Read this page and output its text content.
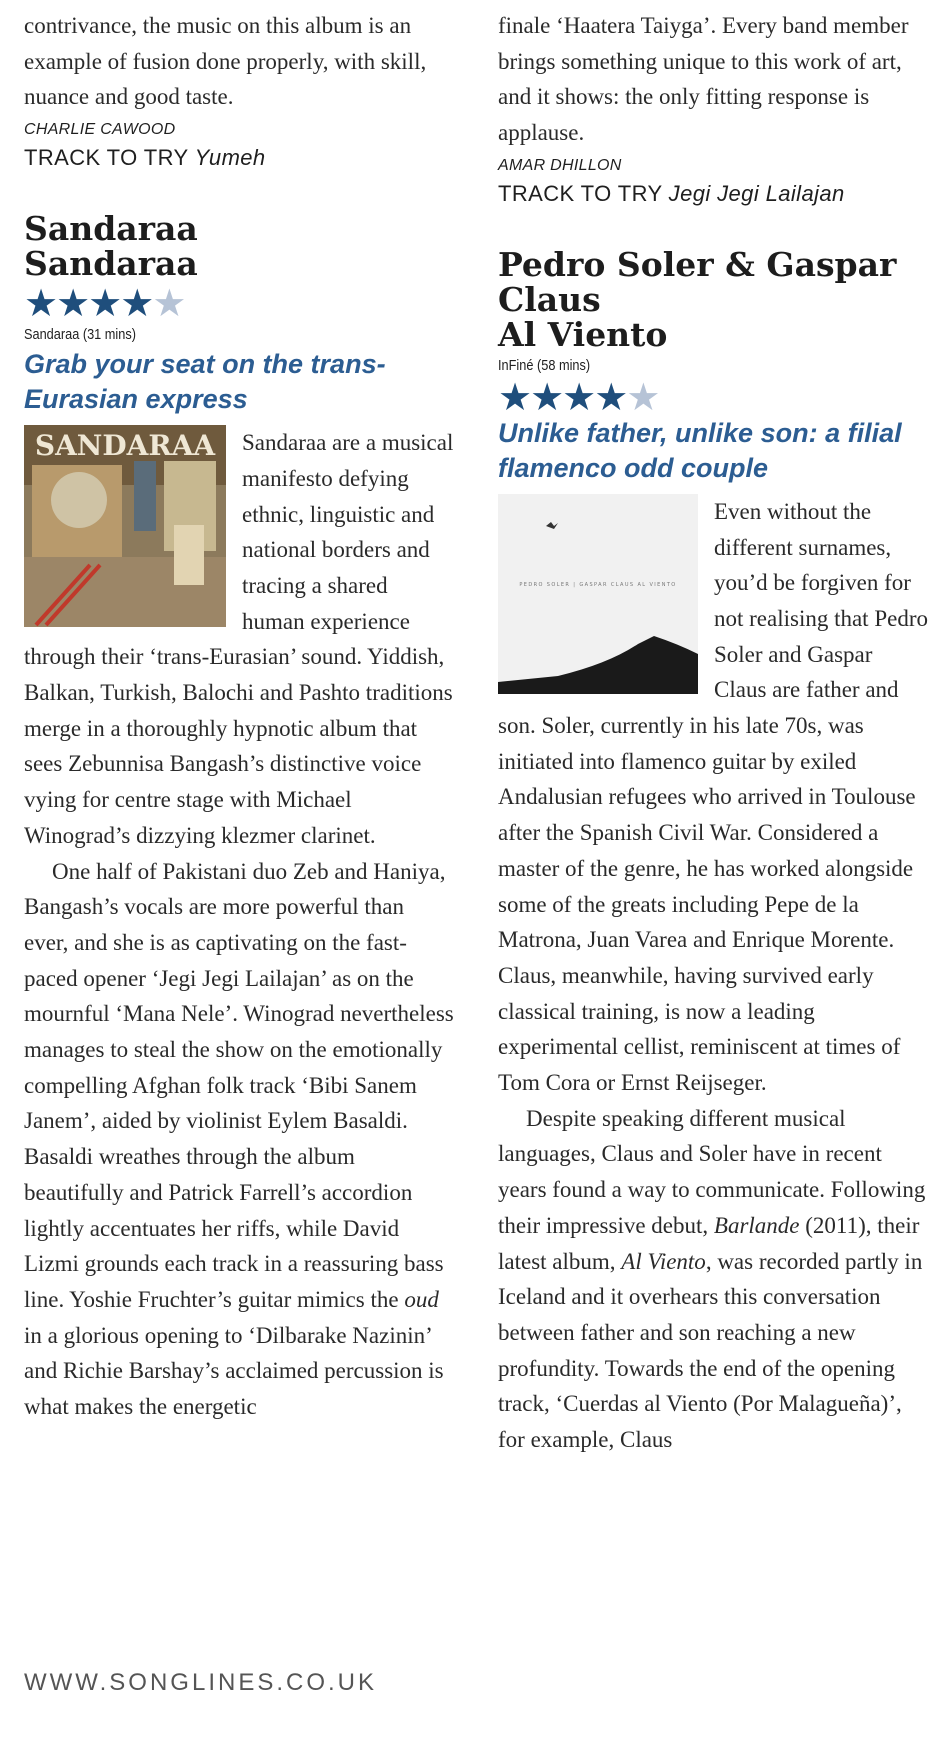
contrivance, the music on this album is an example of fusion done properly, with skill, nuance and good taste.

CHARLIE CAWOOD

TRACK TO TRY Yumeh

Sandaraa
Sandaraa
★★★★★
Sandaraa (31 mins)
Grab your seat on the trans-Eurasian express
SANDARAA	Sandaraa are a musical manifesto defying ethnic, linguistic and national borders and tracing a shared human experience through their ‘trans-Eurasian’ sound. Yiddish, Balkan, Turkish, Balochi and Pashto traditions merge in a thoroughly hypnotic album that sees Zebunnisa Bangash’s distinctive voice vying for centre stage with Michael Winograd’s dizzying klezmer clarinet.

One half of Pakistani duo Zeb and Haniya, Bangash’s vocals are more powerful than ever, and she is as captivating on the fast-paced opener ‘Jegi Jegi Lailajan’ as on the mournful ‘Mana Nele’. Winograd nevertheless manages to steal the show on the emotionally compelling Afghan folk track ‘Bibi Sanem Janem’, aided by violinist Eylem Basaldi. Basaldi wreathes through the album beautifully and Patrick Farrell’s accordion lightly accentuates her riffs, while David Lizmi grounds each track in a reassuring bass line. Yoshie Fruchter’s guitar mimics the oud in a glorious opening to ‘Dilbarake Nazinin’ and Richie Barshay’s acclaimed percussion is what makes the energetic

finale ‘Haatera Taiyga’. Every band member brings something unique to this work of art, and it shows: the only fitting response is applause.

AMAR DHILLON

TRACK TO TRY Jegi Jegi Lailajan

Pedro Soler & Gaspar Claus
Al Viento
InFiné (58 mins)
★★★★★
Unlike father, unlike son: a filial flamenco odd couple
PEDRO SOLER | GASPAR CLAUS AL VIENTO

Even without the different surnames, you’d be forgiven for not realising that Pedro Soler and Gaspar Claus are father and son. Soler, currently in his late 70s, was initiated into flamenco guitar by exiled Andalusian refugees who arrived in Toulouse after the Spanish Civil War. Considered a master of the genre, he has worked alongside some of the greats including Pepe de la Matrona, Juan Varea and Enrique Morente. Claus, meanwhile, having survived early classical training, is now a leading experimental cellist, reminiscent at times of Tom Cora or Ernst Reijseger.

Despite speaking different musical languages, Claus and Soler have in recent years found a way to communicate. Following their impressive debut, Barlande (2011), their latest album, Al Viento, was recorded partly in Iceland and it overhears this conversation between father and son reaching a new profundity. Towards the end of the opening track, ‘Cuerdas al Viento (Por Malagueña)’, for example, Claus

WWW.SONGLINES.CO.UK
